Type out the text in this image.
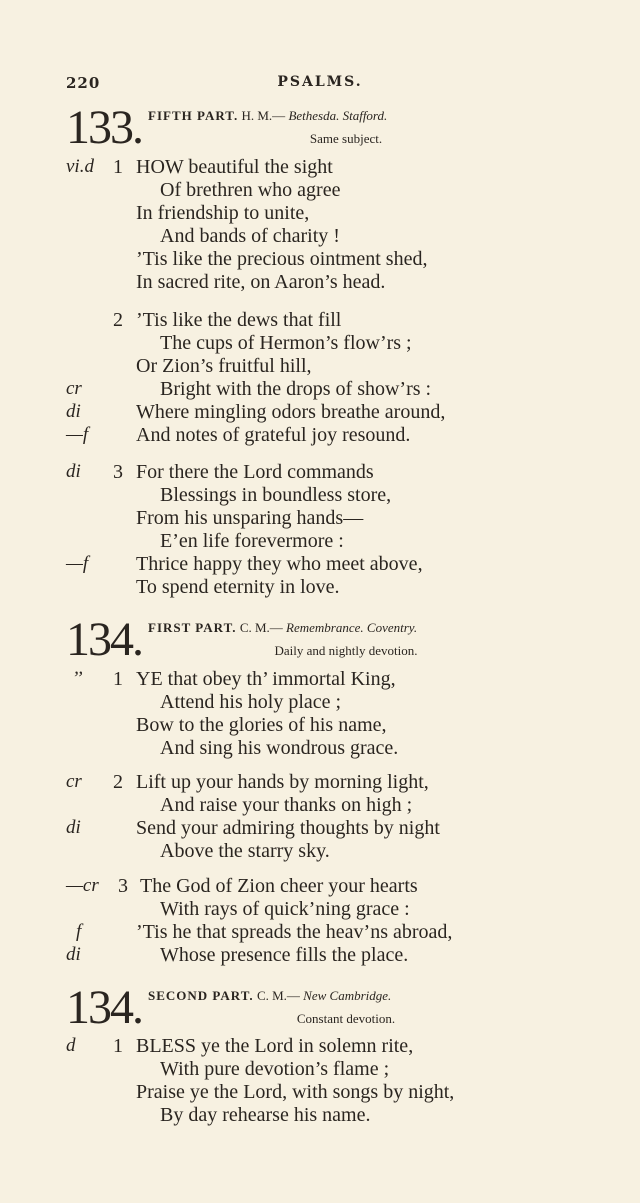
220	PSALMS.
133. FIFTH PART. H. M.— Bethesda. Stafford.
Same subject.
vi.d 1 HOW beautiful the sight
Of brethren who agree
In friendship to unite,
And bands of charity !
’Tis like the precious ointment shed,
In sacred rite, on Aaron’s head.
2 ’Tis like the dews that fill
The cups of Hermon’s flow’rs ;
Or Zion’s fruitful hill,
cr	Bright with the drops of show’rs :
di	Where mingling odors breathe around,
—f And notes of grateful joy resound.
di 3 For there the Lord commands
Blessings in boundless store,
From his unsparing hands—
E’en life forevermore :
—f Thrice happy they who meet above,
To spend eternity in love.
134. FIRST PART. C. M.— Remembrance. Coventry.
Daily and nightly devotion.
’’ 1 YE that obey th’ immortal King,
Attend his holy place ;
Bow to the glories of his name,
And sing his wondrous grace.
cr 2 Lift up your hands by morning light,
And raise your thanks on high ;
di	Send your admiring thoughts by night
Above the starry sky.
—cr 3 The God of Zion cheer your hearts
With rays of quick’ning grace :
f	’Tis he that spreads the heav’ns abroad,
di	Whose presence fills the place.
134. SECOND PART. C. M.— New Cambridge.
Constant devotion.
d 1 BLESS ye the Lord in solemn rite,
With pure devotion’s flame ;
Praise ye the Lord, with songs by night,
By day rehearse his name.
